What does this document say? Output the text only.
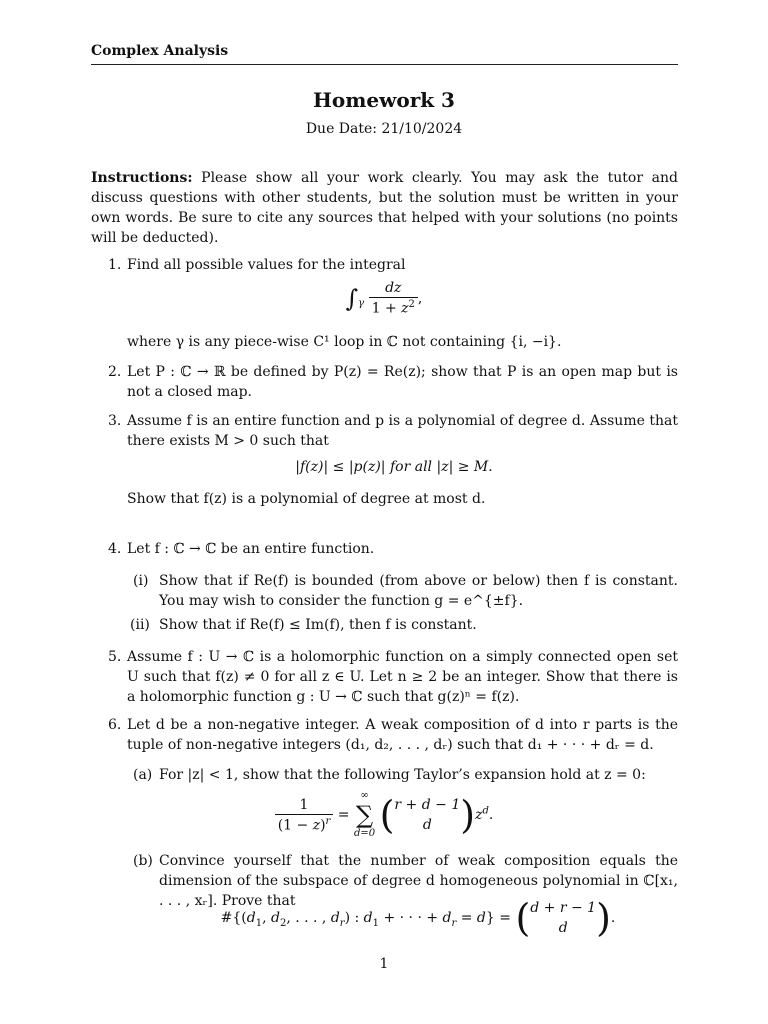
Complex Analysis
Homework 3
Due Date: 21/10/2024
Instructions: Please show all your work clearly. You may ask the tutor and discuss questions with other students, but the solution must be written in your own words. Be sure to cite any sources that helped with your solutions (no points will be deducted).
1. Find all possible values for the integral
$\int_\gamma \frac{dz}{1 + z^2}$ ,
where γ is any piece-wise C¹ loop in ℂ not containing {i, −i}.
2. Let P : ℂ → ℝ be defined by P(z) = Re(z); show that P is an open map but is not a closed map.
3. Assume f is an entire function and p is a polynomial of degree d. Assume that there exists M > 0 such that
|f(z)| ≤ |p(z)| for all |z| ≥ M.
Show that f(z) is a polynomial of degree at most d.
4. Let f : ℂ → ℂ be an entire function.
(i) Show that if Re(f) is bounded (from above or below) then f is constant. You may wish to consider the function g = e^{±f}.
(ii) Show that if Re(f) ≤ Im(f), then f is constant.
5. Assume f : U → ℂ is a holomorphic function on a simply connected open set U such that f(z) ≠ 0 for all z ∈ U. Let n ≥ 2 be an integer. Show that there is a holomorphic function g : U → ℂ such that g(z)ⁿ = f(z).
6. Let d be a non-negative integer. A weak composition of d into r parts is the tuple of non-negative integers (d₁, d₂, . . . , dᵣ) such that d₁ + · · · + dᵣ = d.
(a) For |z| < 1, show that the following Taylor’s expansion hold at z = 0:
$\frac{1}{(1 - z)^r}$ =
∞
∑
d=0 ( r + d − 1
d )$z^d$.
(b) Convince yourself that the number of weak composition equals the dimension of the subspace of degree d homogeneous polynomial in ℂ[x₁, . . . , xᵣ]. Prove that
$\#\{(d_1$, $d_2$, . . . , $d_r$) : $d_1$ + · · · + $d_r = d$} = ( d + r − 1
d ).
1
